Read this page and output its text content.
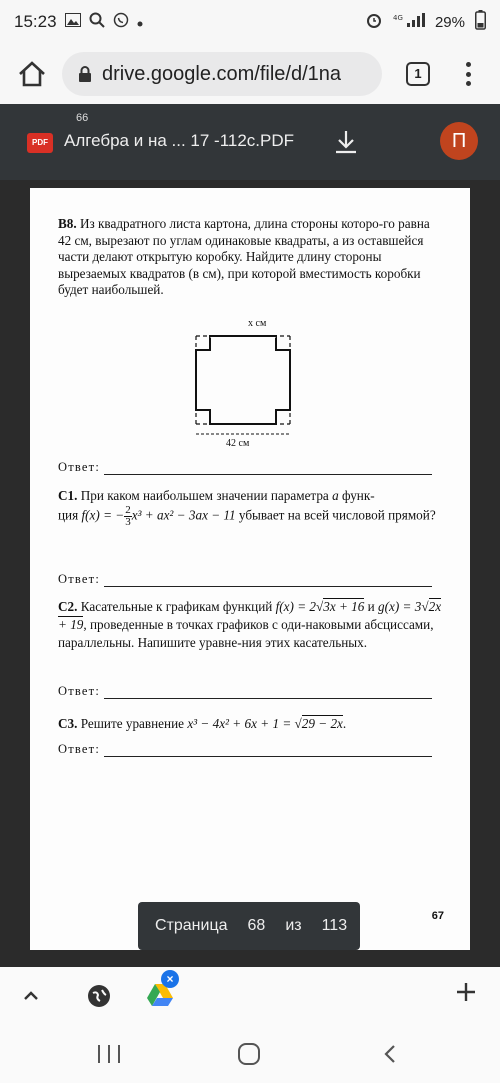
15:23	4G 29%
drive.google.com/file/d/1na	1
66
PDF Алгебра и на ... 17 -112с.PDF	П
B8. Из квадратного листа картона, длина стороны которо-го равна 42 см, вырезают по углам одинаковые квадраты, а из оставшейся части делают открытую коробку. Найдите длину стороны вырезаемых квадратов (в см), при которой вместимость коробки будет наибольшей.
x см
42 см
Ответ:
C1. При каком наибольшем значении параметра a функ-
ция f(x) = − $\frac{2}{3}x^3 + ax^2 - 3ax - 11$ убывает на всей числовой прямой?
Ответ:
C2. Касательные к графикам функций f(x) = 2√3x + 16 и g(x) = 3√2x + 19, проведенные в точках графиков с оди-наковыми абсциссами, параллельны. Напишите уравне-ния этих касательных.
Ответ:
C3. Решите уравнение x³ − 4x² + 6x + 1 = √29 − 2x.
Ответ:
67
Страница 68 из 113
×
